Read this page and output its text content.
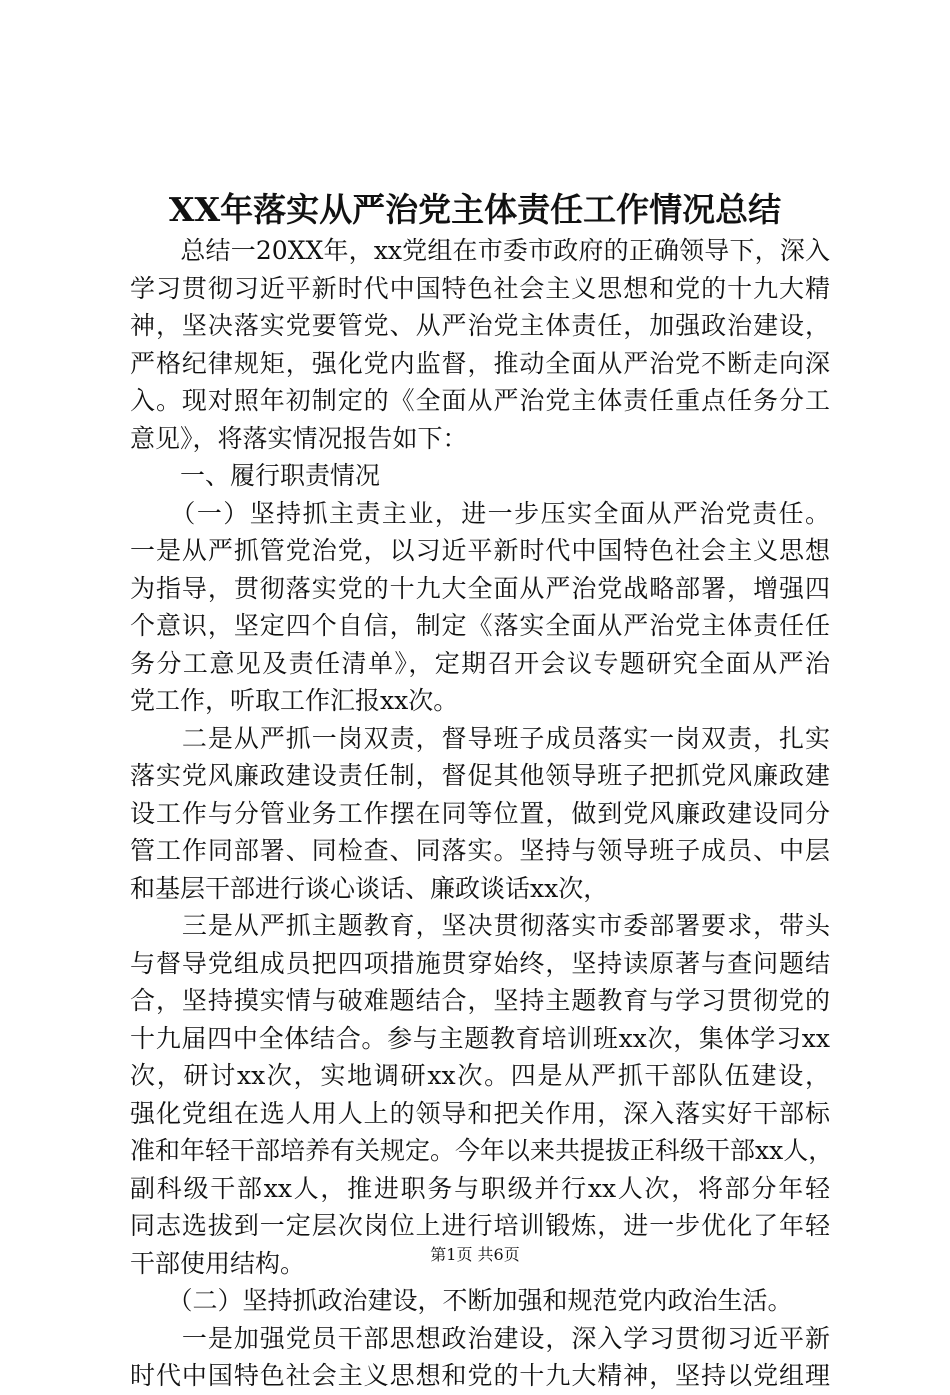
XX年落实从严治党主体责任工作情况总结
　　总结一20XX年，xx党组在市委市政府的正确领导下，深入
学习贯彻习近平新时代中国特色社会主义思想和党的十九大精
神，坚决落实党要管党、从严治党主体责任，加强政治建设，
严格纪律规矩，强化党内监督，推动全面从严治党不断走向深
入。现对照年初制定的《全面从严治党主体责任重点任务分工
意见》，将落实情况报告如下：
　　一、履行职责情况
　　（一）坚持抓主责主业，进一步压实全面从严治党责任。
一是从严抓管党治党，以习近平新时代中国特色社会主义思想
为指导，贯彻落实党的十九大全面从严治党战略部署，增强四
个意识，坚定四个自信，制定《落实全面从严治党主体责任任
务分工意见及责任清单》，定期召开会议专题研究全面从严治
党工作，听取工作汇报xx次。
　　二是从严抓一岗双责，督导班子成员落实一岗双责，扎实
落实党风廉政建设责任制，督促其他领导班子把抓党风廉政建
设工作与分管业务工作摆在同等位置，做到党风廉政建设同分
管工作同部署、同检查、同落实。坚持与领导班子成员、中层
和基层干部进行谈心谈话、廉政谈话xx次，
　　三是从严抓主题教育，坚决贯彻落实市委部署要求，带头
与督导党组成员把四项措施贯穿始终，坚持读原著与查问题结
合，坚持摸实情与破难题结合，坚持主题教育与学习贯彻党的
十九届四中全体结合。参与主题教育培训班xx次，集体学习xx
次，研讨xx次，实地调研xx次。四是从严抓干部队伍建设，
强化党组在选人用人上的领导和把关作用，深入落实好干部标
准和年轻干部培养有关规定。今年以来共提拔正科级干部xx人，
副科级干部xx人，推进职务与职级并行xx人次，将部分年轻
同志选拔到一定层次岗位上进行培训锻炼，进一步优化了年轻
干部使用结构。
　　（二）坚持抓政治建设，不断加强和规范党内政治生活。
　　一是加强党员干部思想政治建设，深入学习贯彻习近平新
时代中国特色社会主义思想和党的十九大精神，坚持以党组理
第1页 共6页
